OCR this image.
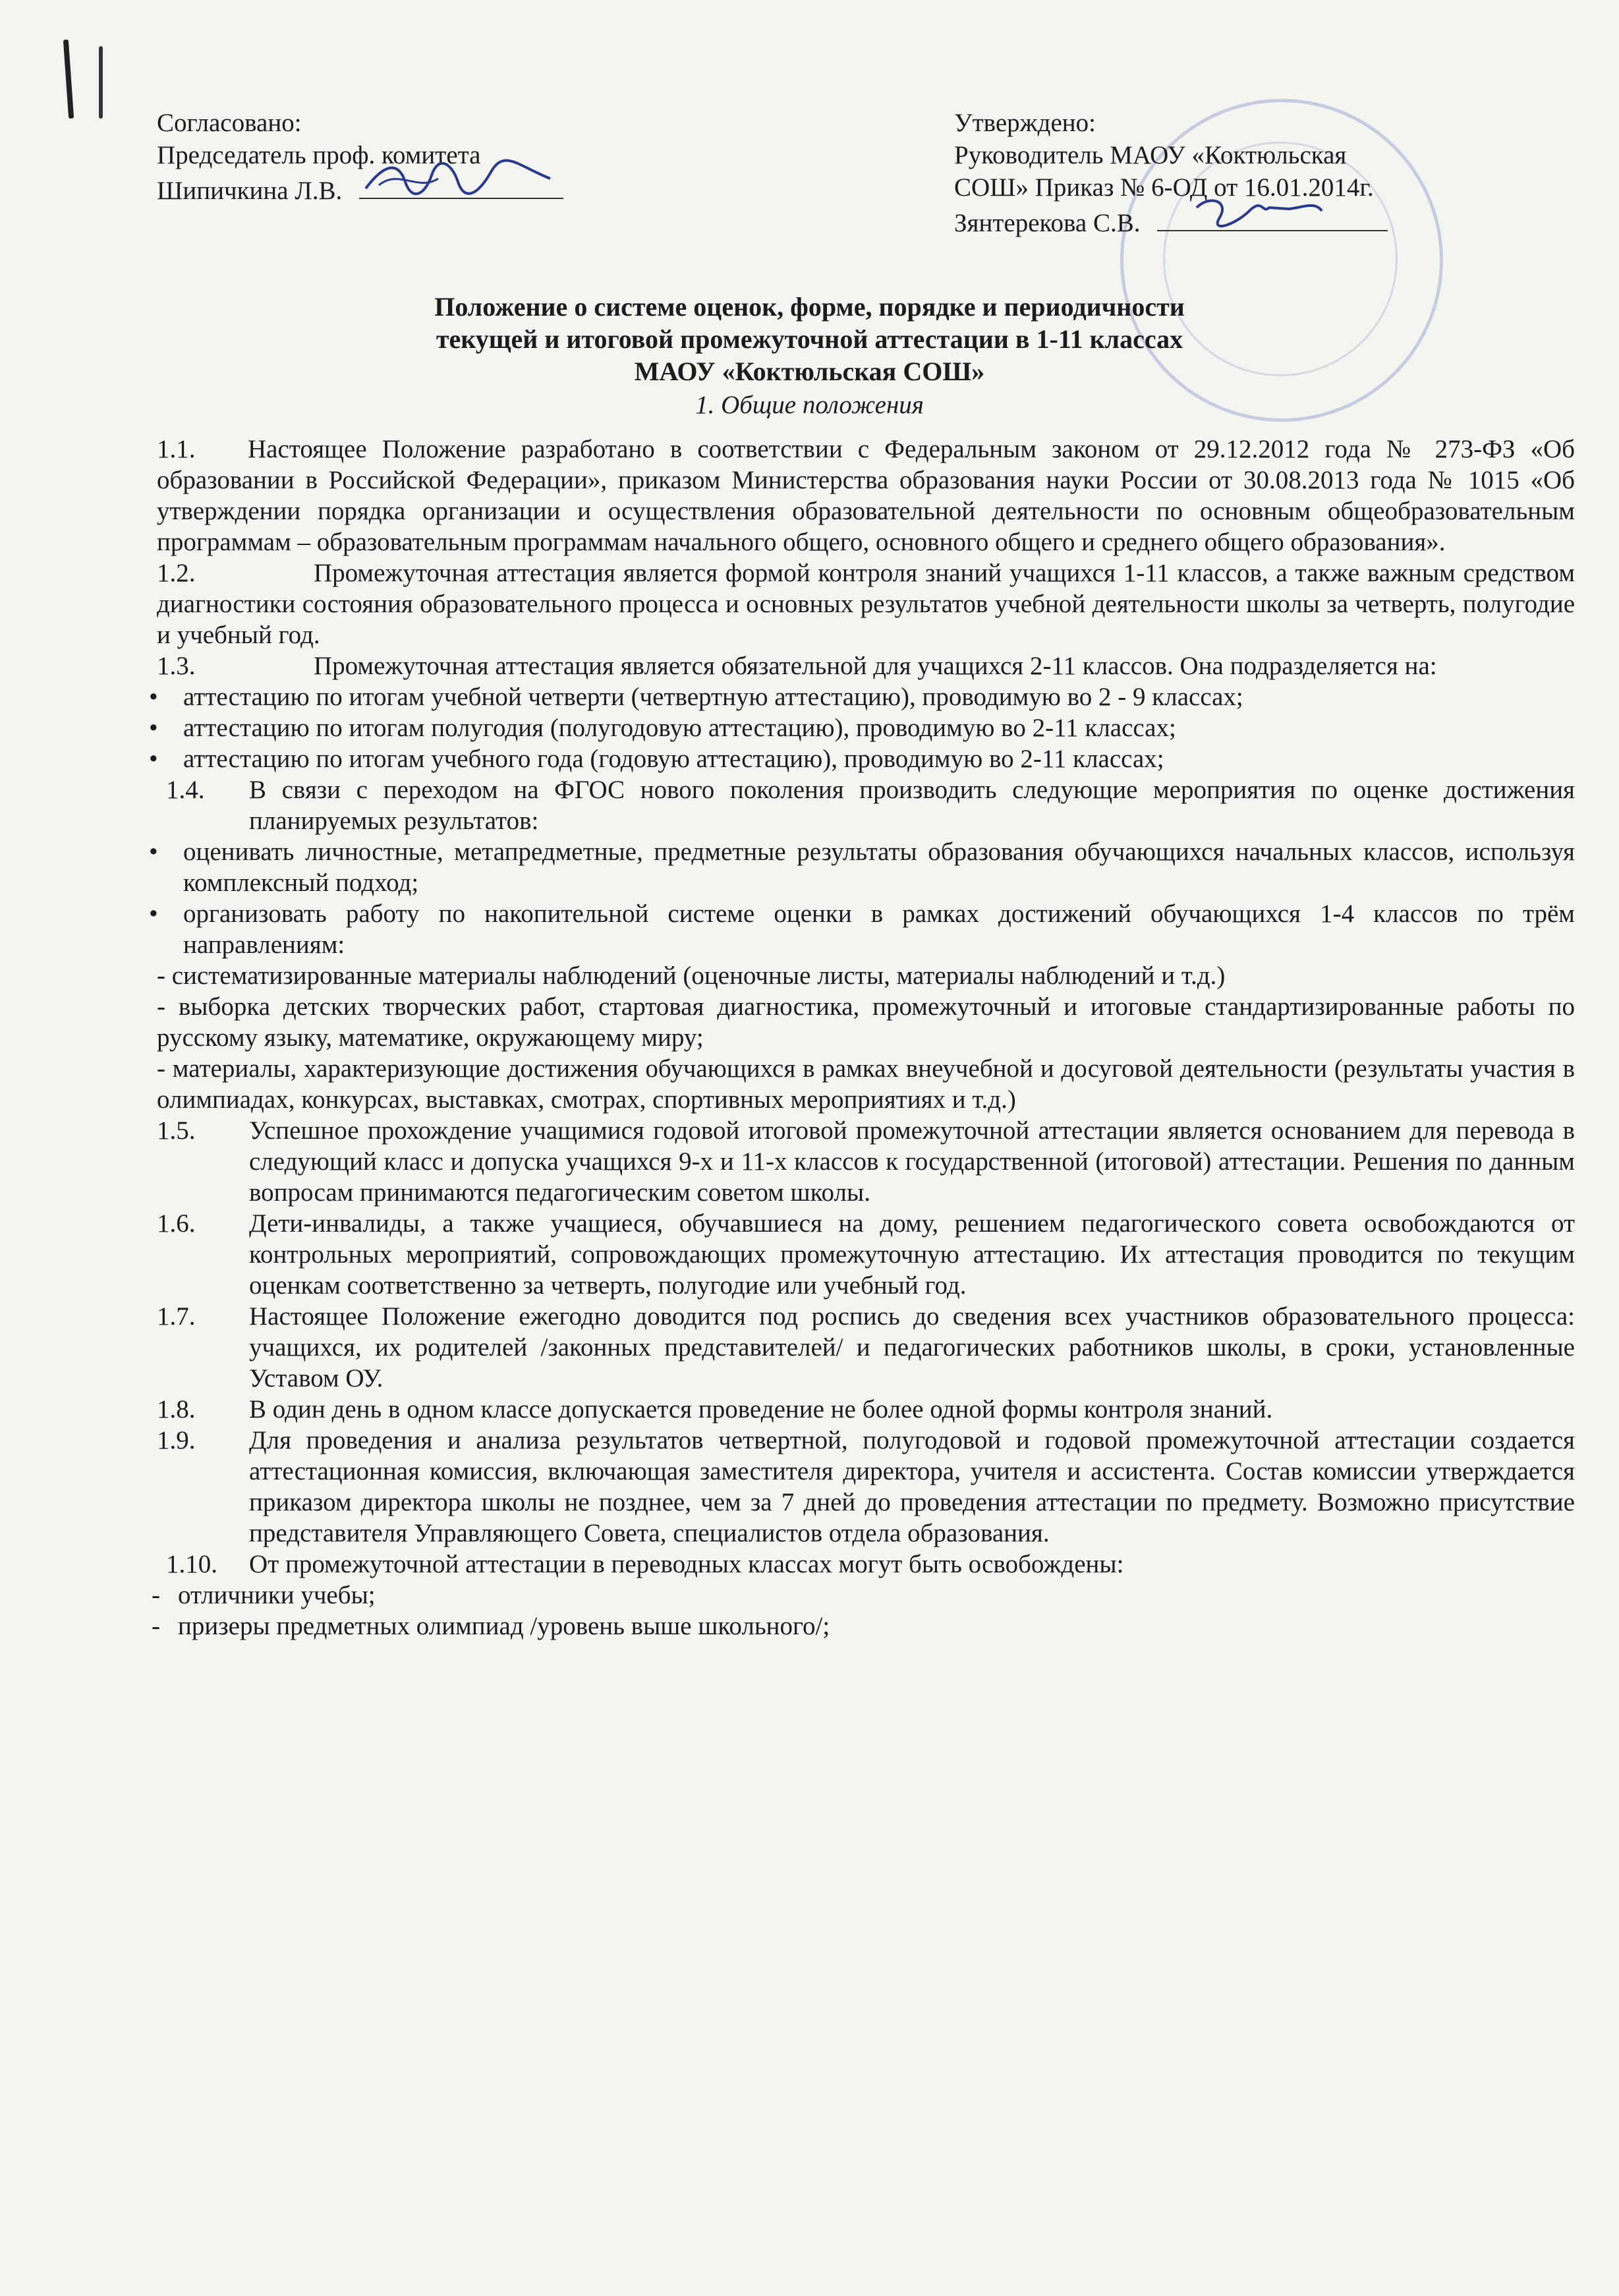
Согласовано:
Председатель проф. комитета
Шипичкина Л.В.
Утверждено:
Руководитель МАОУ «Коктюльская
СОШ» Приказ № 6-ОД от 16.01.2014г.
Зянтерекова С.В.
Положение о системе оценок, форме, порядке и периодичности
текущей и итоговой промежуточной аттестации в 1-11 классах
МАОУ «Коктюльская СОШ»
1. Общие положения
1.1. Настоящее Положение разработано в соответствии с Федеральным законом от 29.12.2012 года № 273-ФЗ «Об образовании в Российской Федерации», приказом Министерства образования науки России от 30.08.2013 года № 1015 «Об утверждении порядка организации и осуществления образовательной деятельности по основным общеобразовательным программам – образовательным программам начального общего, основного общего и среднего общего образования».
1.2.	Промежуточная аттестация является формой контроля знаний учащихся 1-11 классов, а также важным средством диагностики состояния образовательного процесса и основных результатов учебной деятельности школы за четверть, полугодие и учебный год.
1.3.	Промежуточная аттестация является обязательной для учащихся 2-11 классов. Она подразделяется на:
• аттестацию по итогам учебной четверти (четвертную аттестацию), проводимую во 2 - 9 классах;
• аттестацию по итогам полугодия (полугодовую аттестацию), проводимую во 2-11 классах;
• аттестацию по итогам учебного года (годовую аттестацию), проводимую во 2-11 классах;
1.4. В связи с переходом на ФГОС нового поколения производить следующие мероприятия по оценке достижения планируемых результатов:
• оценивать личностные, метапредметные, предметные результаты образования обучающихся начальных классов, используя комплексный подход;
• организовать работу по накопительной системе оценки в рамках достижений обучающихся 1-4 классов по трём направлениям:
- систематизированные материалы наблюдений (оценочные листы, материалы наблюдений и т.д.)
- выборка детских творческих работ, стартовая диагностика, промежуточный и итоговые стандартизированные работы по русскому языку, математике, окружающему миру;
- материалы, характеризующие достижения обучающихся в рамках внеучебной и досуговой деятельности (результаты участия в олимпиадах, конкурсах, выставках, смотрах, спортивных мероприятиях и т.д.)
1.5. Успешное прохождение учащимися годовой итоговой промежуточной аттестации является основанием для перевода в следующий класс и допуска учащихся 9-х и 11-х классов к государственной (итоговой) аттестации. Решения по данным вопросам принимаются педагогическим советом школы.
1.6. Дети-инвалиды, а также учащиеся, обучавшиеся на дому, решением педагогического совета освобождаются от контрольных мероприятий, сопровождающих промежуточную аттестацию. Их аттестация проводится по текущим оценкам соответственно за четверть, полугодие или учебный год.
1.7. Настоящее Положение ежегодно доводится под роспись до сведения всех участников образовательного процесса: учащихся, их родителей /законных представителей/ и педагогических работников школы, в сроки, установленные Уставом ОУ.
1.8. В один день в одном классе допускается проведение не более одной формы контроля знаний.
1.9. Для проведения и анализа результатов четвертной, полугодовой и годовой промежуточной аттестации создается аттестационная комиссия, включающая заместителя директора, учителя и ассистента. Состав комиссии утверждается приказом директора школы не позднее, чем за 7 дней до проведения аттестации по предмету. Возможно присутствие представителя Управляющего Совета, специалистов отдела образования.
1.10. От промежуточной аттестации в переводных классах могут быть освобождены:
- отличники учебы;
- призеры предметных олимпиад /уровень выше школьного/;
